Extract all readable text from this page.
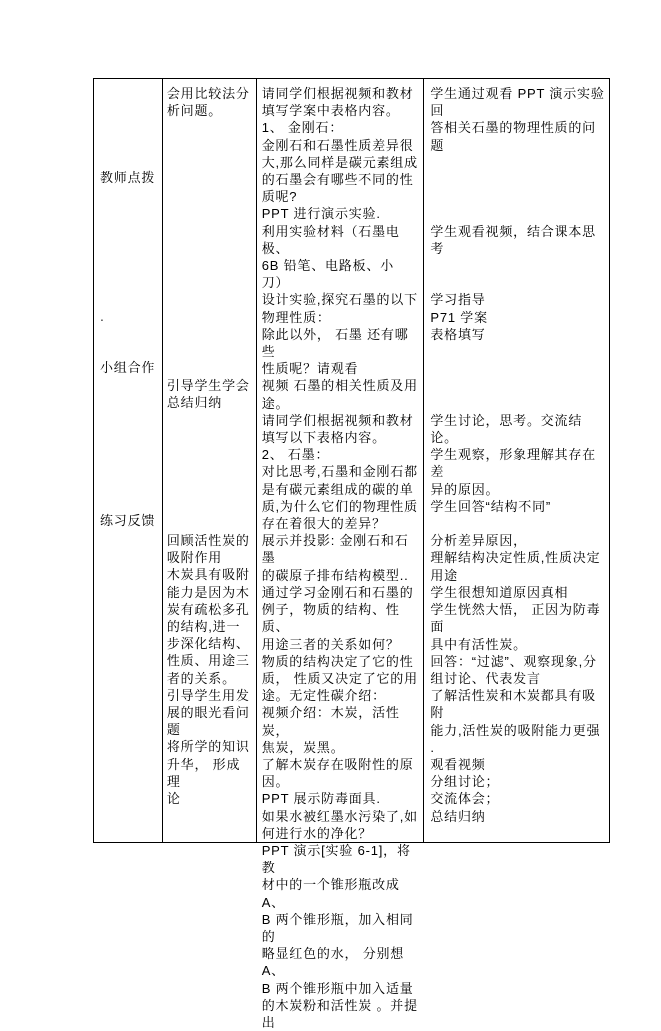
教师点拨
.
小组合作
练习反馈
会用比较法分
析问题。
引导学生学会
总结归纳
回顾活性炭的
吸附作用
木炭具有吸附
能力是因为木
炭有疏松多孔
的结构,进一
步深化结构、
性质、用途三
者的关系。
引导学生用发
展的眼光看问
题
将所学的知识
升华， 形成理
论
请同学们根据视频和教材
填写学案中表格内容。
1、 金刚石：
金刚石和石墨性质差异很
大,那么同样是碳元素组成
的石墨会有哪些不同的性
质呢?
PPT 进行演示实验.
利用实验材料（石墨电极、
6B 铅笔、电路板、小刀）
设计实验,探究石墨的以下
物理性质：
除此以外， 石墨 还有哪些
性质呢？请观看
视频 石墨的相关性质及用
途。
请同学们根据视频和教材
填写以下表格内容。
2、 石墨：
对比思考,石墨和金刚石都
是有碳元素组成的碳的单
质,为什么它们的物理性质
存在着很大的差异？
展示并投影: 金刚石和石墨
的碳原子排布结构模型..
通过学习金刚石和石墨的
例子，物质的结构、性质、
用途三者的关系如何？
物质的结构决定了它的性
质， 性质又决定了它的用
途。无定性碳介绍：
视频介绍：木炭，活性炭，
焦炭，炭黑。
了解木炭存在吸附性的原
因。
PPT 展示防毒面具.
如果水被红墨水污染了,如
何进行水的净化？
PPT 演示[实验 6-1]，将教
材中的一个锥形瓶改成 A、
B 两个锥形瓶，加入相同的
略显红色的水， 分别想 A、
B 两个锥形瓶中加入适量
的木炭粉和活性炭 。并提出
学生通过观看 PPT 演示实验回
答相关石墨的物理性质的问题

学生观看视频，结合课本思考

学习指导
P71 学案
表格填写

学生讨论，思考。交流结论。
学生观察，形象理解其存在差
异的原因。
学生回答“结构不同”

分析差异原因，
理解结构决定性质,性质决定
用途
学生很想知道原因真相
学生恍然大悟， 正因为防毒面
具中有活性炭。
回答：“过滤”、观察现象,分
组讨论、代表发言
了解活性炭和木炭都具有吸附
能力,活性炭的吸附能力更强 .
观看视频
分组讨论；
交流体会；
总结归纳
